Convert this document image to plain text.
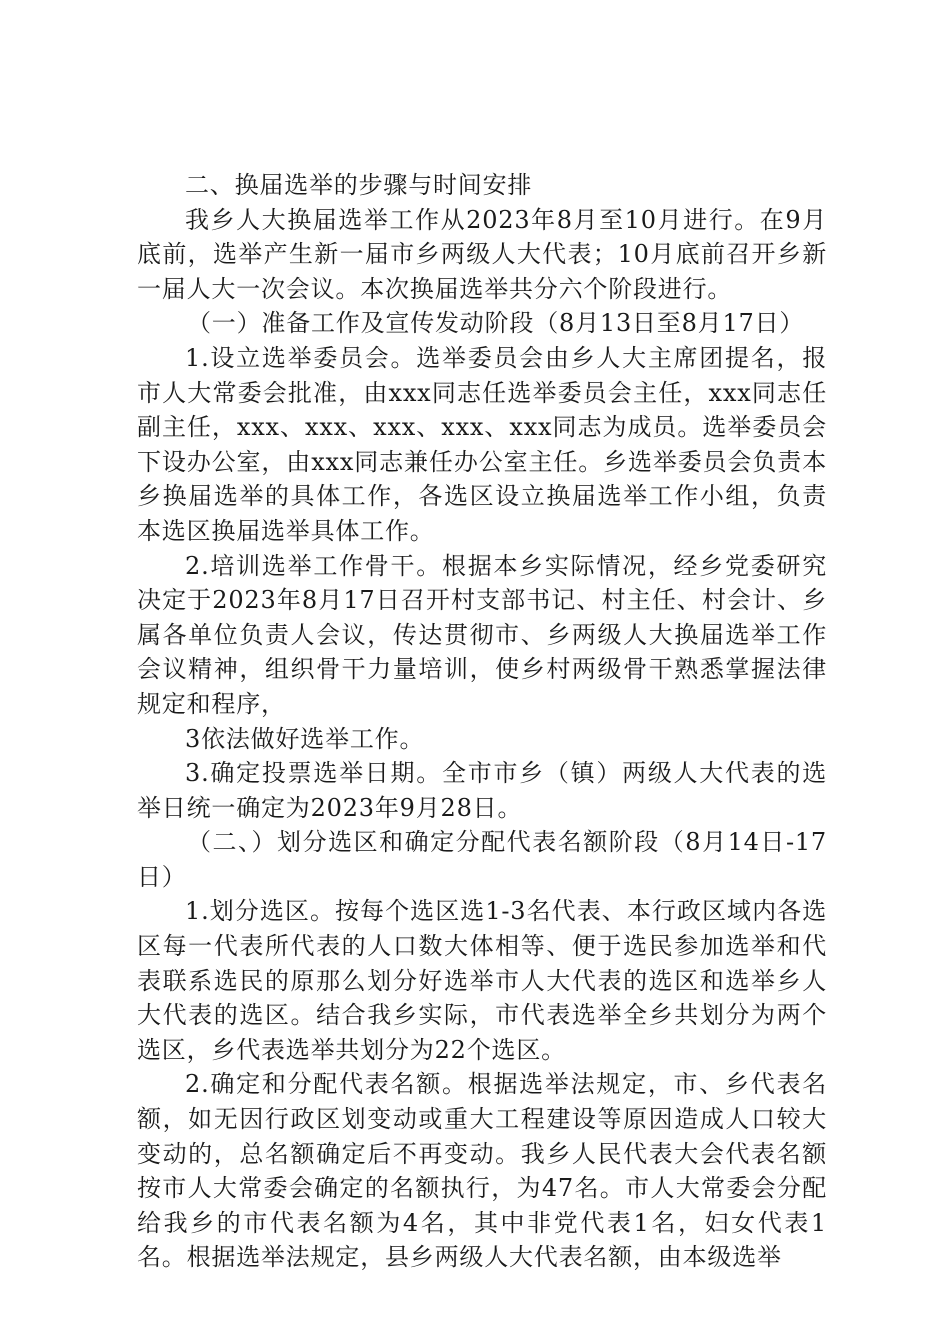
二、换届选举的步骤与时间安排

我乡人大换届选举工作从2023年8月至10月进行。在9月底前，选举产生新一届市乡两级人大代表；10月底前召开乡新一届人大一次会议。本次换届选举共分六个阶段进行。

（一）准备工作及宣传发动阶段（8月13日至8月17日）

1.设立选举委员会。选举委员会由乡人大主席团提名，报市人大常委会批准，由xxx同志任选举委员会主任，xxx同志任副主任，xxx、xxx、xxx、xxx、xxx同志为成员。选举委员会下设办公室，由xxx同志兼任办公室主任。乡选举委员会负责本乡换届选举的具体工作，各选区设立换届选举工作小组，负责本选区换届选举具体工作。

2.培训选举工作骨干。根据本乡实际情况，经乡党委研究决定于2023年8月17日召开村支部书记、村主任、村会计、乡属各单位负责人会议，传达贯彻市、乡两级人大换届选举工作会议精神，组织骨干力量培训，使乡村两级骨干熟悉掌握法律规定和程序，

3依法做好选举工作。

3.确定投票选举日期。全市市乡（镇）两级人大代表的选举日统一确定为2023年9月28日。

（二、）划分选区和确定分配代表名额阶段（8月14日-17日）

1.划分选区。按每个选区选1-3名代表、本行政区域内各选区每一代表所代表的人口数大体相等、便于选民参加选举和代表联系选民的原那么划分好选举市人大代表的选区和选举乡人大代表的选区。结合我乡实际，市代表选举全乡共划分为两个选区，乡代表选举共划分为22个选区。

2.确定和分配代表名额。根据选举法规定，市、乡代表名额，如无因行政区划变动或重大工程建设等原因造成人口较大变动的，总名额确定后不再变动。我乡人民代表大会代表名额按市人大常委会确定的名额执行，为47名。市人大常委会分配给我乡的市代表名额为4名，其中非党代表1名，妇女代表1名。根据选举法规定，县乡两级人大代表名额，由本级选举
